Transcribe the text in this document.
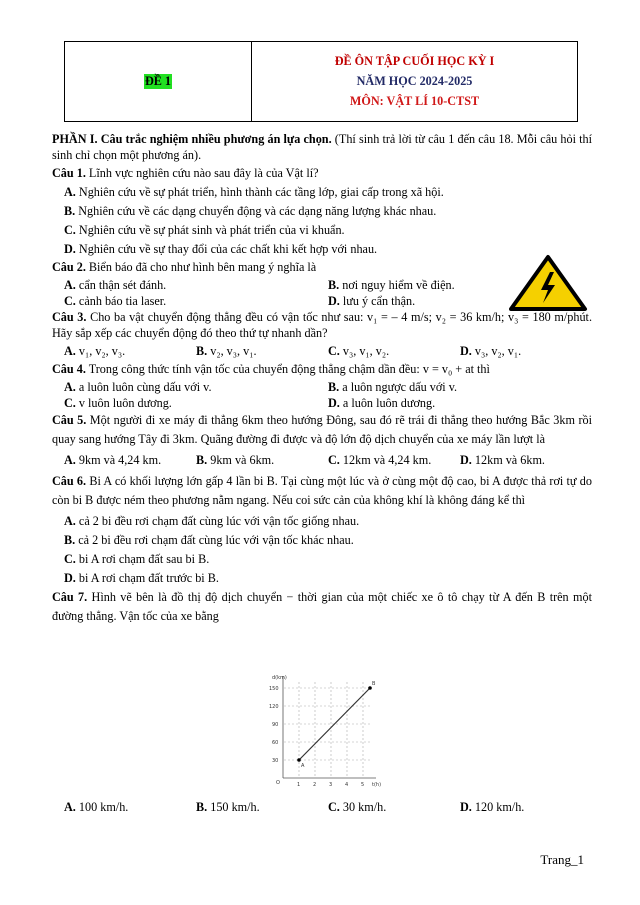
ĐỀ 1
ĐỀ ÔN TẬP CUỐI HỌC KỲ I
NĂM HỌC 2024-2025
MÔN: VẬT LÍ 10-CTST

PHẦN I. Câu trắc nghiệm nhiều phương án lựa chọn. (Thí sinh trả lời từ câu 1 đến câu 18. Mỗi câu hỏi thí sinh chỉ chọn một phương án).

Câu 1. Lĩnh vực nghiên cứu nào sau đây là của Vật lí?

A. Nghiên cứu về sự phát triển, hình thành các tầng lớp, giai cấp trong xã hội.
B. Nghiên cứu về các dạng chuyển động và các dạng năng lượng khác nhau.
C. Nghiên cứu về sự phát sinh và phát triển của vi khuẩn.
D. Nghiên cứu về sự thay đổi của các chất khi kết hợp với nhau.

Câu 2. Biển báo đã cho như hình bên mang ý nghĩa là

A. cẩn thận sét đánh.	B. nơi nguy hiểm về điện.
C. cảnh báo tia laser.	D. lưu ý cẩn thận.

Câu 3. Cho ba vật chuyển động thẳng đều có vận tốc như sau: v₁ = – 4 m/s; v₂ = 36 km/h; v₃ = 180 m/phút. Hãy sắp xếp các chuyển động đó theo thứ tự nhanh dần?

A. v₁, v₂, v₃.	B. v₂, v₃, v₁.	C. v₃, v₁, v₂.	D. v₃, v₂, v₁.

Câu 4. Trong công thức tính vận tốc của chuyển động thẳng chậm dần đều: v = v₀ + at thì

A. a luôn luôn cùng dấu với v.	B. a luôn ngược dấu với v.
C. v luôn luôn dương.	D. a luôn luôn dương.

Câu 5. Một người đi xe máy đi thẳng 6km theo hướng Đông, sau đó rẽ trái đi thẳng theo hướng Bắc 3km rồi quay sang hướng Tây đi 3km. Quãng đường đi được và độ lớn độ dịch chuyển của xe máy lần lượt là

A. 9km và 4,24 km.	B. 9km và 6km.	C. 12km và 4,24 km.	D. 12km và 6km.

Câu 6. Bi A có khối lượng lớn gấp 4 lần bi B. Tại cùng một lúc và ở cùng một độ cao, bi A được thả rơi tự do còn bi B được ném theo phương nằm ngang. Nếu coi sức cản của không khí là không đáng kể thì

A. cả 2 bi đều rơi chạm đất cùng lúc với vận tốc giống nhau.
B. cả 2 bi đều rơi chạm đất cùng lúc với vận tốc khác nhau.
C. bi A rơi chạm đất sau bi B.
D. bi A rơi chạm đất trước bi B.

Câu 7. Hình vẽ bên là đồ thị độ dịch chuyển − thời gian của một chiếc xe ô tô chạy từ A đến B trên một đường thẳng. Vận tốc của xe bằng

d(km)
t(h)
O
150
120
90
60
30
1	2	3	4	5
A
B
A. 100 km/h.	B. 150 km/h.	C. 30 km/h.	D. 120 km/h.
Trang_1
